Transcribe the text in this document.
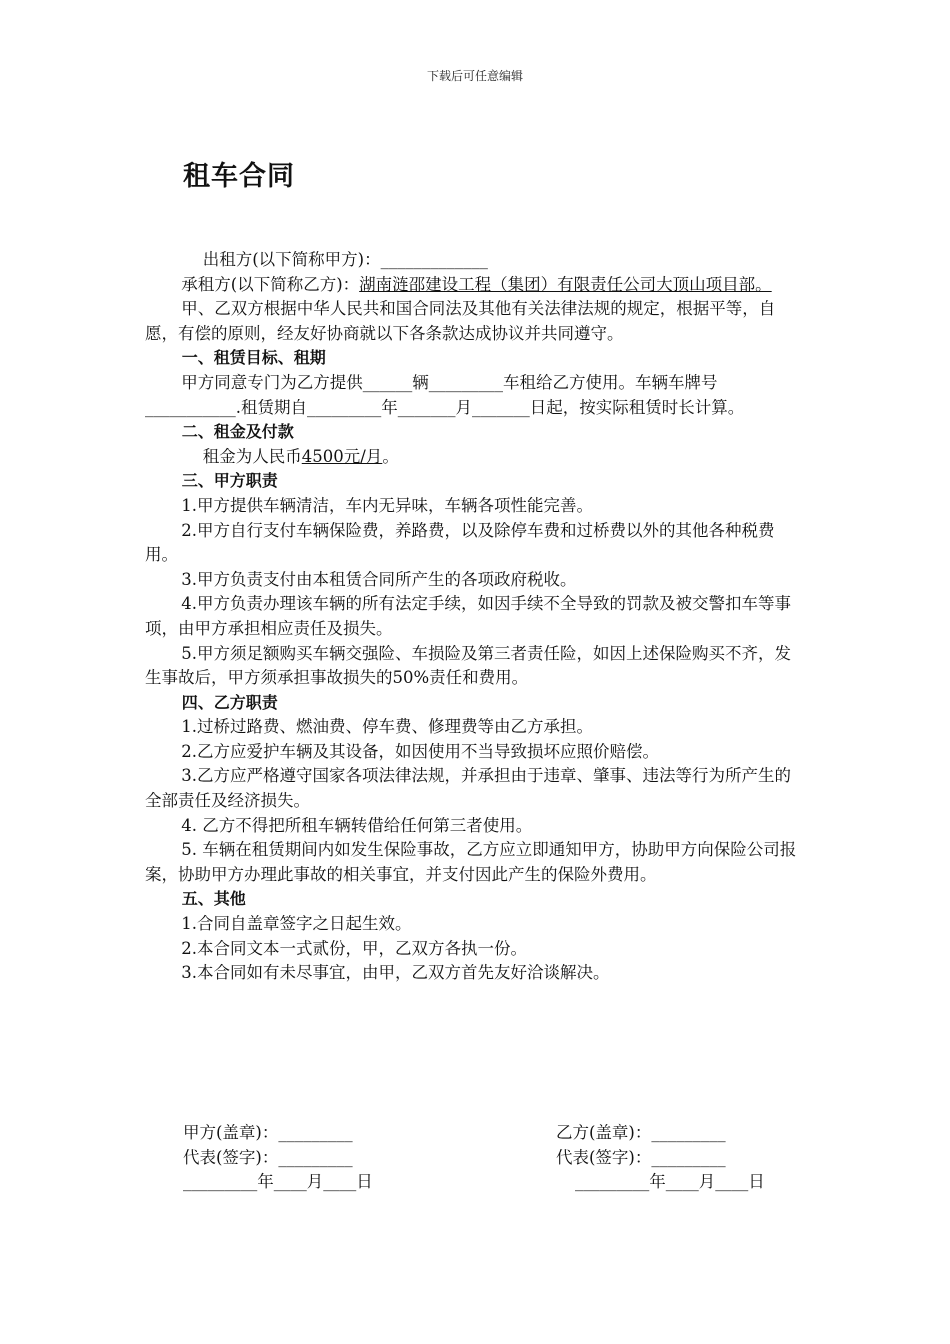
下载后可任意编辑
租车合同

出租方(以下简称甲方)：_____________

承租方(以下简称乙方)：湖南涟邵建设工程（集团）有限责任公司大顶山项目部。

甲、乙双方根据中华人民共和国合同法及其他有关法律法规的规定，根据平等，自愿，有偿的原则，经友好协商就以下各条款达成协议并共同遵守。

一、租赁目标、租期

甲方同意专门为乙方提供______辆_________车租给乙方使用。车辆车牌号___________.租赁期自_________年_______月_______日起，按实际租赁时长计算。

二、租金及付款

租金为人民币4500元/月。

三、甲方职责

1.甲方提供车辆清洁，车内无异味，车辆各项性能完善。

2.甲方自行支付车辆保险费，养路费，以及除停车费和过桥费以外的其他各种税费用。

3.甲方负责支付由本租赁合同所产生的各项政府税收。

4.甲方负责办理该车辆的所有法定手续，如因手续不全导致的罚款及被交警扣车等事项，由甲方承担相应责任及损失。

5.甲方须足额购买车辆交强险、车损险及第三者责任险，如因上述保险购买不齐，发生事故后，甲方须承担事故损失的50%责任和费用。

四、乙方职责

1.过桥过路费、燃油费、停车费、修理费等由乙方承担。

2.乙方应爱护车辆及其设备，如因使用不当导致损坏应照价赔偿。

3.乙方应严格遵守国家各项法律法规，并承担由于违章、肇事、违法等行为所产生的全部责任及经济损失。

4. 乙方不得把所租车辆转借给任何第三者使用。

5. 车辆在租赁期间内如发生保险事故，乙方应立即通知甲方，协助甲方向保险公司报案，协助甲方办理此事故的相关事宜，并支付因此产生的保险外费用。

五、其他

1.合同自盖章签字之日起生效。

2.本合同文本一式贰份，甲，乙双方各执一份。

3.本合同如有未尽事宜，由甲，乙双方首先友好洽谈解决。

甲方(盖章)：_________

代表(签字)：_________

_________年____月____日

乙方(盖章)：_________

代表(签字)：_________

_________年____月____日
